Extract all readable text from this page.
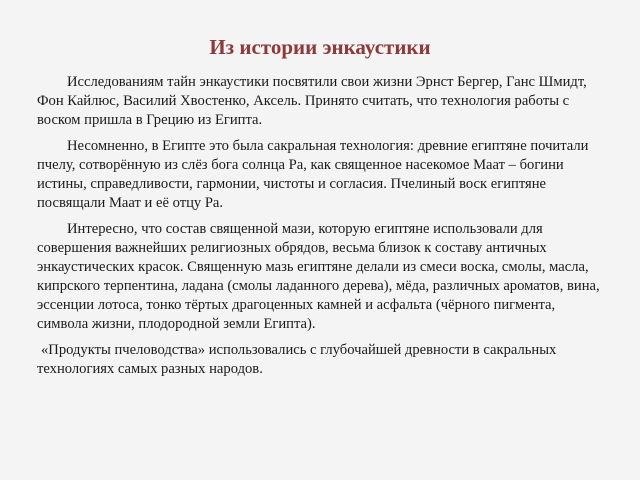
Из истории энкаустики

Исследованиям тайн энкаустики посвятили свои жизни Эрнст Бергер, Ганс Шмидт, Фон Кайлюс, Василий Хвостенко, Аксель. Принято считать, что технология работы с воском пришла в Грецию из Египта.

Несомненно, в Египте это была сакральная технология: древние египтяне почитали пчелу, сотворённую из слёз бога солнца Ра, как священное насекомое Маат – богини истины, справедливости, гармонии, чистоты и согласия. Пчелиный воск египтяне посвящали Маат и её отцу Ра.

Интересно, что состав священной мази, которую египтяне использовали для совершения важнейших религиозных обрядов, весьма близок к составу античных энкаустических красок. Священную мазь египтяне делали из смеси воска, смолы, масла, кипрского терпентина, ладана (смолы ладанного дерева), мёда, различных ароматов, вина, эссенции лотоса, тонко тёртых драгоценных камней и асфальта (чёрного пигмента, символа жизни, плодородной земли Египта).

«Продукты пчеловодства» использовались с глубочайшей древности в сакральных технологиях самых разных народов.
